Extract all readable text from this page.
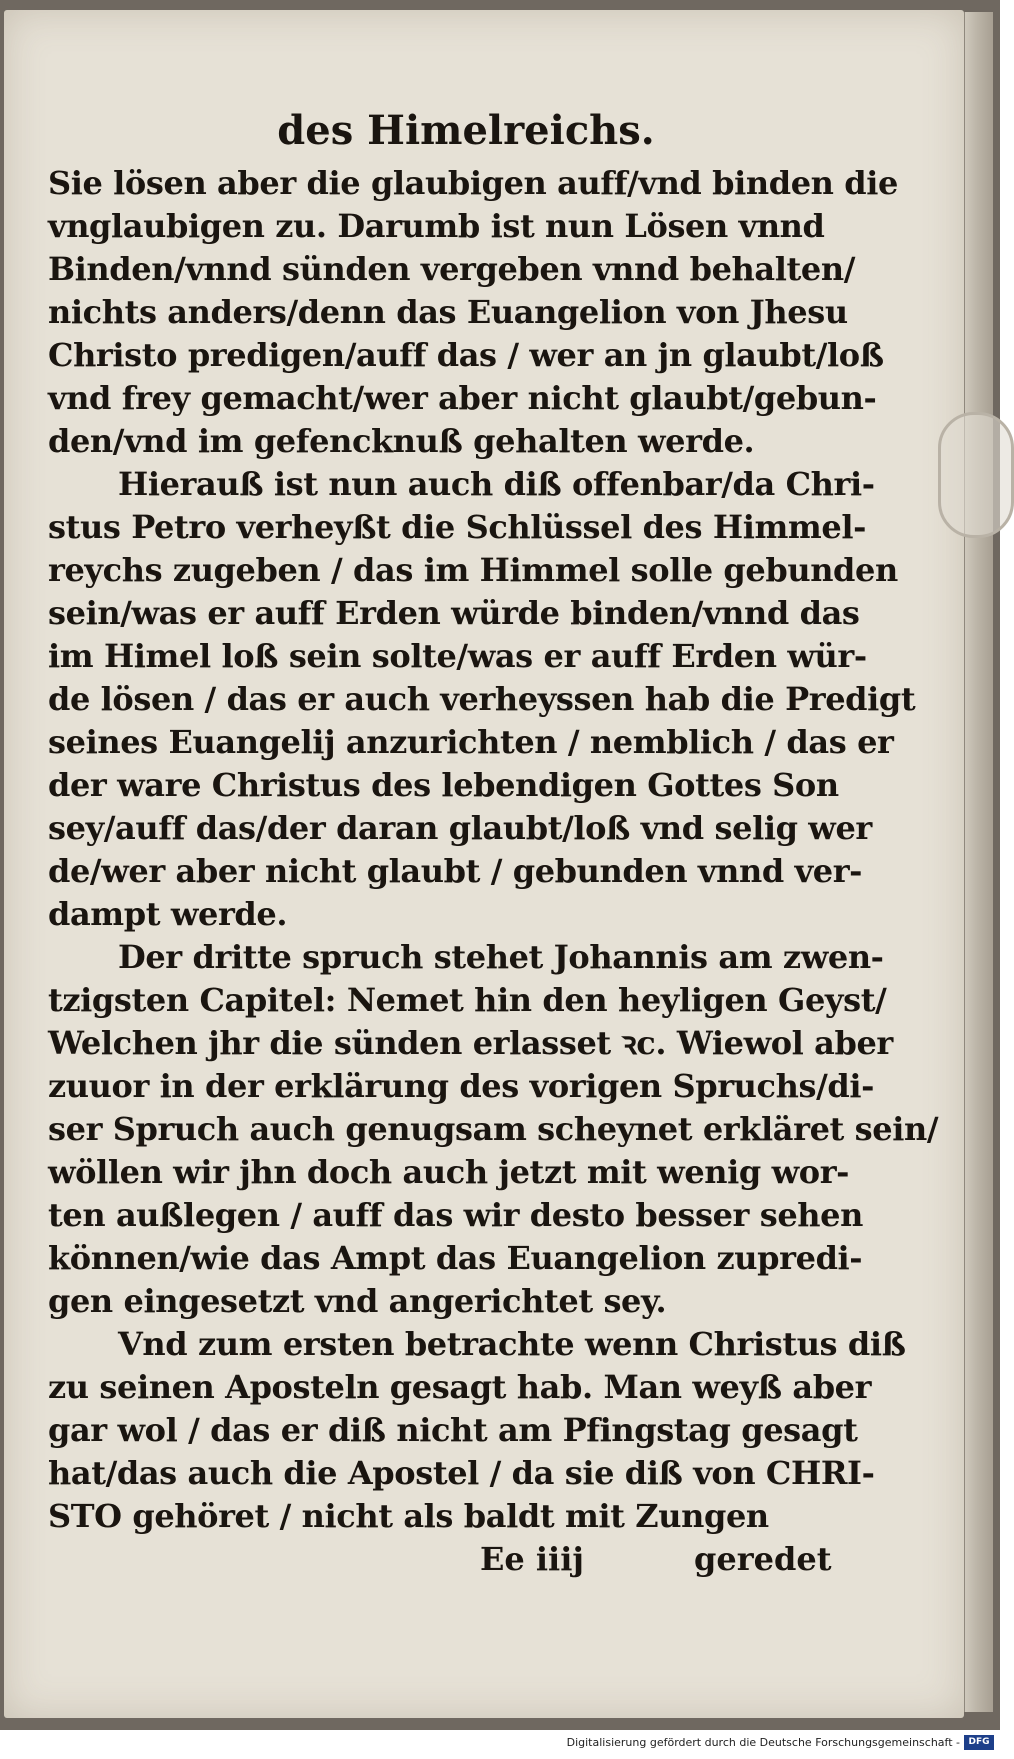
des Himelreichs.
Sie lösen aber die glaubigen auff/vnd binden die
vnglaubigen zu. Darumb ist nun Lösen vnnd
Binden/vnnd sünden vergeben vnnd behalten/
nichts anders/denn das Euangelion von Jhesu
Christo predigen/auff das / wer an jn glaubt/loß
vnd frey gemacht/wer aber nicht glaubt/gebun-
den/vnd im gefencknuß gehalten werde.
Hierauß ist nun auch diß offenbar/da Chri-
stus Petro verheyßt die Schlüssel des Himmel-
reychs zugeben / das im Himmel solle gebunden
sein/was er auff Erden würde binden/vnnd das
im Himel loß sein solte/was er auff Erden wür-
de lösen / das er auch verheyssen hab die Predigt
seines Euangelij anzurichten / nemblich / das er
der ware Christus des lebendigen Gottes Son
sey/auff das/der daran glaubt/loß vnd selig wer
de/wer aber nicht glaubt / gebunden vnnd ver-
dampt werde.
Der dritte spruch stehet Johannis am zwen-
tzigsten Capitel: Nemet hin den heyligen Geyst/
Welchen jhr die sünden erlasset ꝛc. Wiewol aber
zuuor in der erklärung des vorigen Spruchs/di-
ser Spruch auch genugsam scheynet erkläret sein/
wöllen wir jhn doch auch jetzt mit wenig wor-
ten außlegen / auff das wir desto besser sehen
können/wie das Ampt das Euangelion zupredi-
gen eingesetzt vnd angerichtet sey.
Vnd zum ersten betrachte wenn Christus diß
zu seinen Aposteln gesagt hab. Man weyß aber
gar wol / das er diß nicht am Pfingstag gesagt
hat/das auch die Apostel / da sie diß von CHRI-
STO gehöret / nicht als baldt mit Zungen
Ee iiij	geredet
Digitalisierung gefördert durch die Deutsche Forschungsgemeinschaft - DFG
